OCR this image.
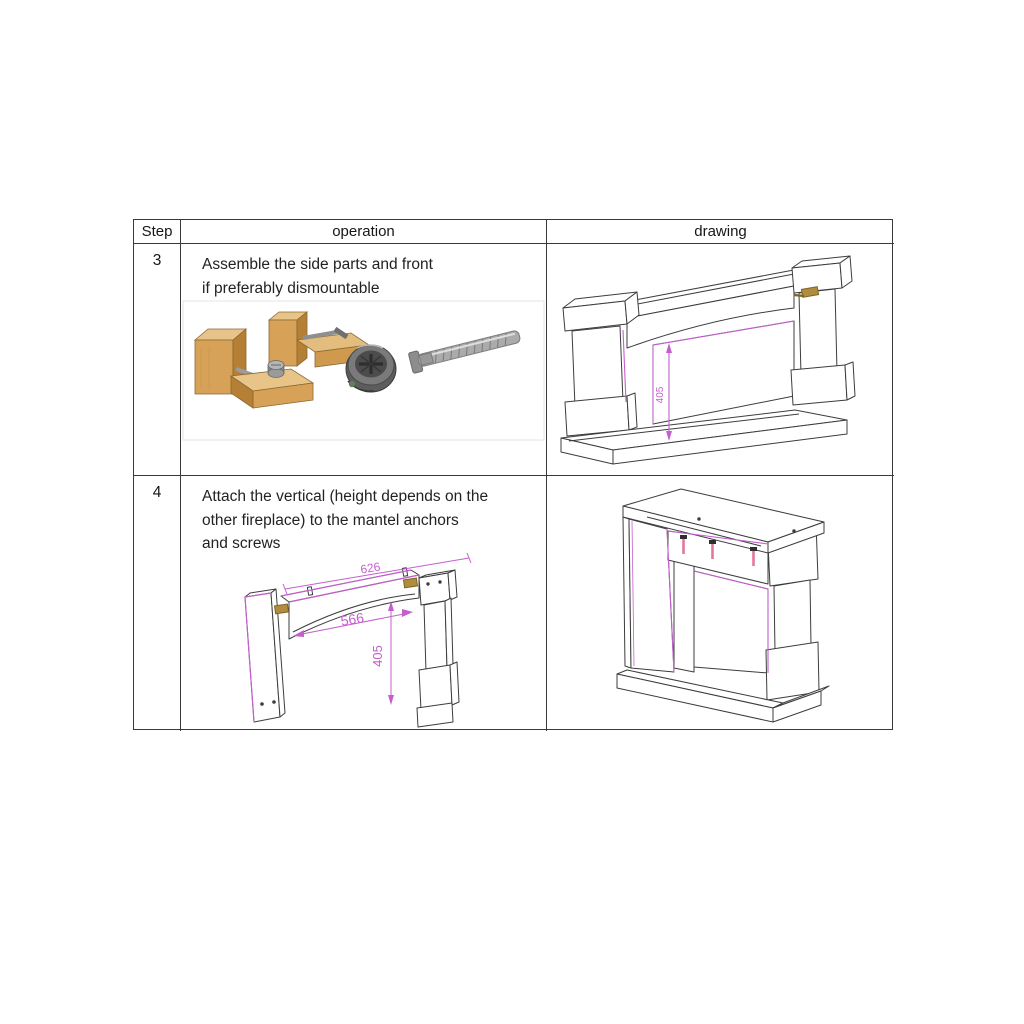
Step	operation	drawing
3	Assemble the side parts and front
if preferably dismountable
405
4	Attach the vertical (height depends on the
other fireplace) to the mantel anchors
and screws
626
566
405
